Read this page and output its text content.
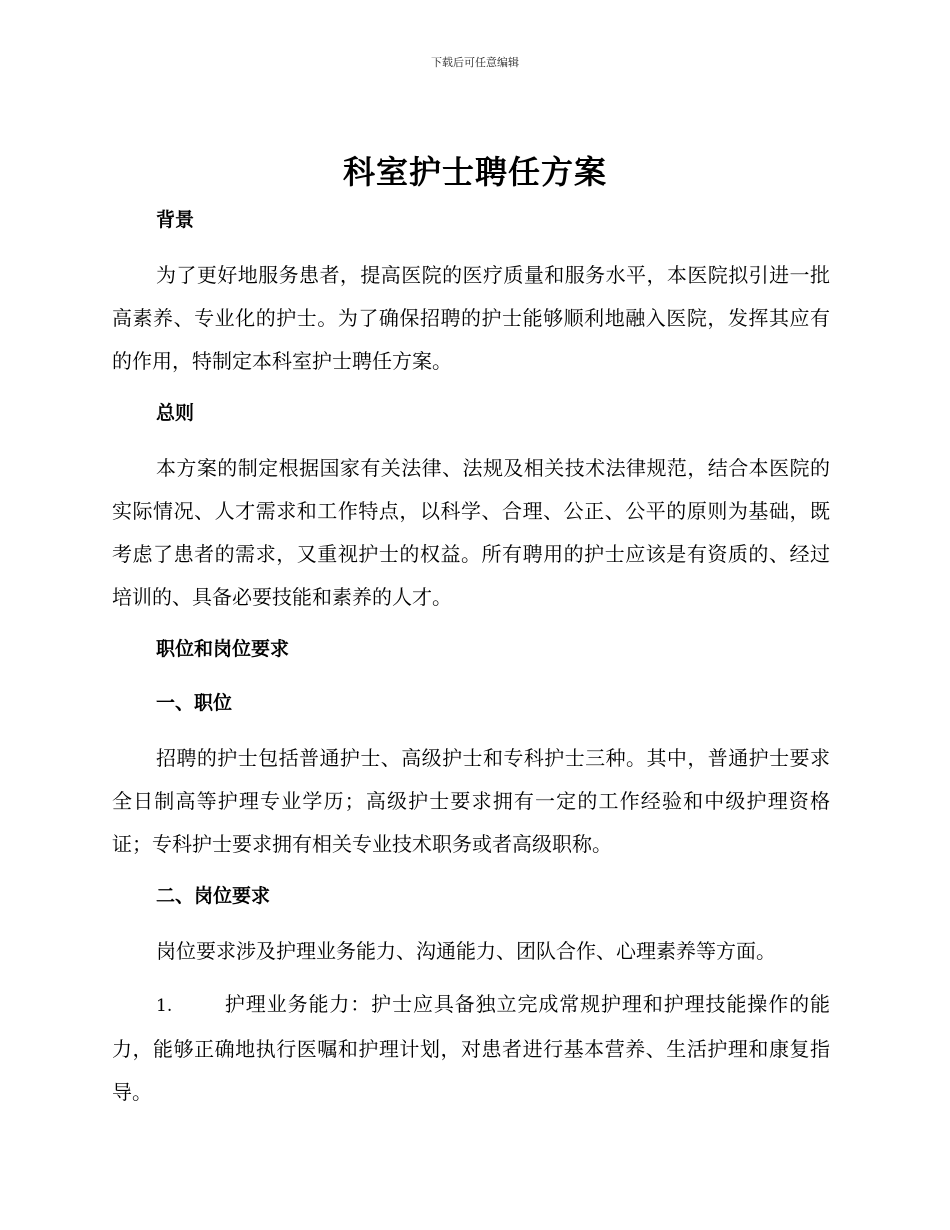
下载后可任意编辑
科室护士聘任方案

背景

为了更好地服务患者，提高医院的医疗质量和服务水平，本医院拟引进一批高素养、专业化的护士。为了确保招聘的护士能够顺利地融入医院，发挥其应有的作用，特制定本科室护士聘任方案。

总则

本方案的制定根据国家有关法律、法规及相关技术法律规范，结合本医院的实际情况、人才需求和工作特点，以科学、合理、公正、公平的原则为基础，既考虑了患者的需求，又重视护士的权益。所有聘用的护士应该是有资质的、经过培训的、具备必要技能和素养的人才。

职位和岗位要求

一、职位

招聘的护士包括普通护士、高级护士和专科护士三种。其中，普通护士要求全日制高等护理专业学历；高级护士要求拥有一定的工作经验和中级护理资格证；专科护士要求拥有相关专业技术职务或者高级职称。

二、岗位要求

岗位要求涉及护理业务能力、沟通能力、团队合作、心理素养等方面。

1.	护理业务能力：护士应具备独立完成常规护理和护理技能操作的能力，能够正确地执行医嘱和护理计划，对患者进行基本营养、生活护理和康复指导。
